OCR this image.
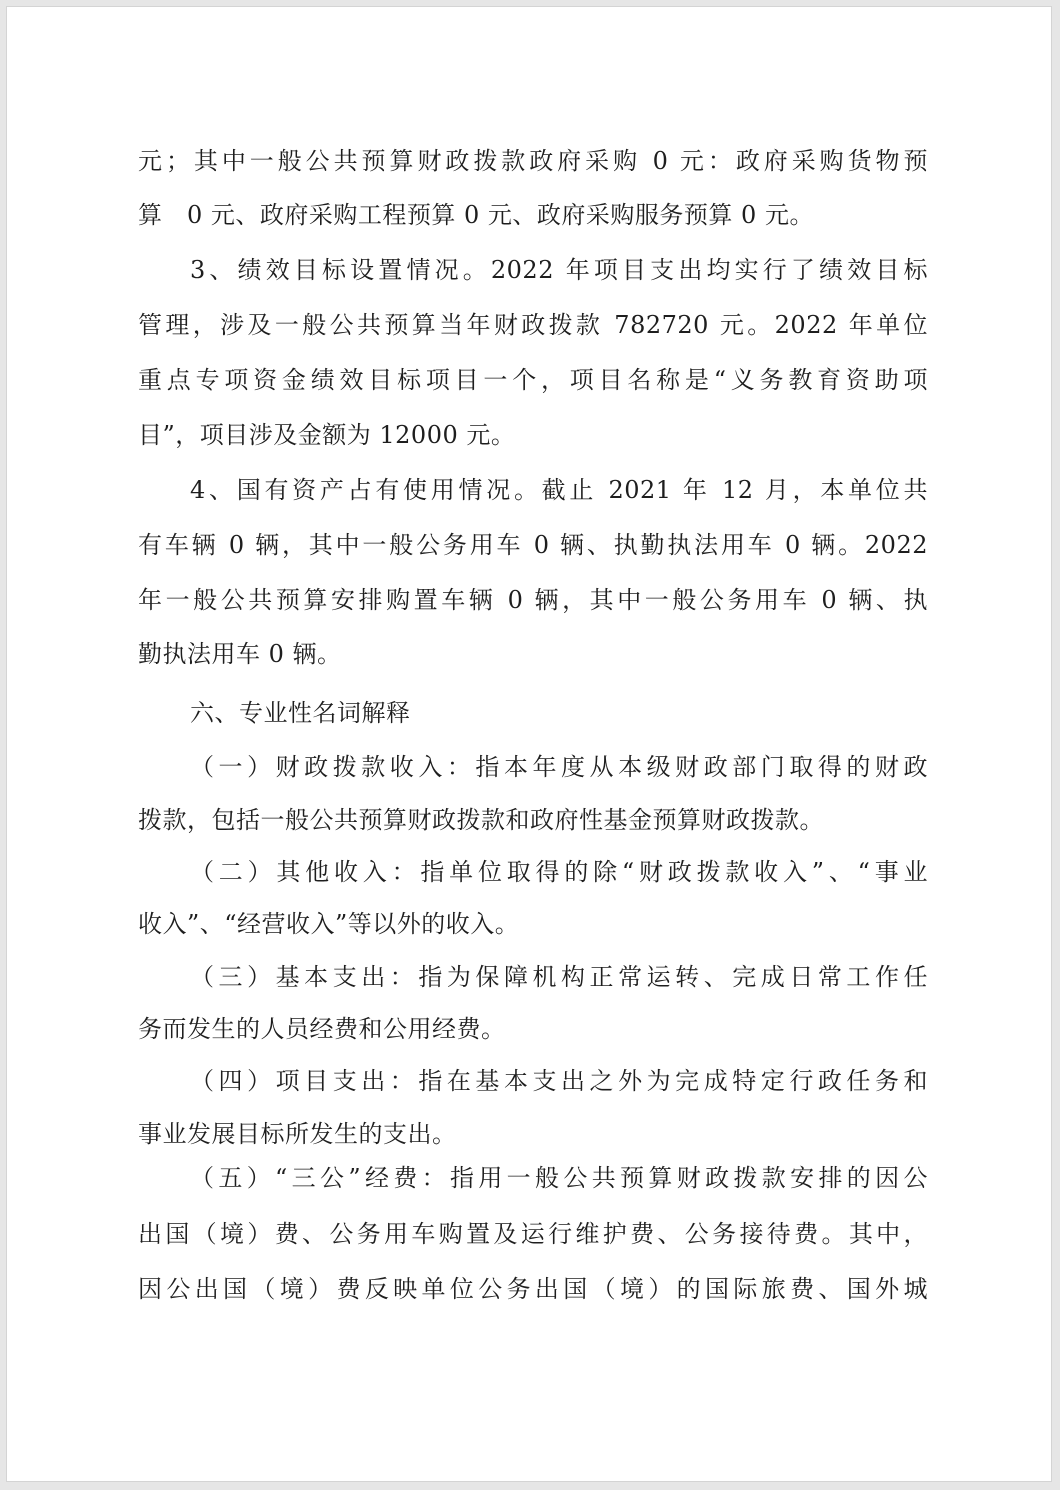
元；其中一般公共预算财政拨款政府采购 0 元：政府采购货物预
算　0 元、政府采购工程预算 0 元、政府采购服务预算 0 元。
3、绩效目标设置情况。2022 年项目支出均实行了绩效目标
管理，涉及一般公共预算当年财政拨款 782720 元。2022 年单位
重点专项资金绩效目标项目一个，项目名称是“义务教育资助项
目”，项目涉及金额为 12000 元。
4、国有资产占有使用情况。截止 2021 年 12 月，本单位共
有车辆 0 辆，其中一般公务用车 0 辆、执勤执法用车 0 辆。2022
年一般公共预算安排购置车辆 0 辆，其中一般公务用车 0 辆、执
勤执法用车 0 辆。
六、专业性名词解释
（一）财政拨款收入：指本年度从本级财政部门取得的财政
拨款，包括一般公共预算财政拨款和政府性基金预算财政拨款。
（二）其他收入：指单位取得的除“财政拨款收入”、“事业
收入”、“经营收入”等以外的收入。
（三）基本支出：指为保障机构正常运转、完成日常工作任
务而发生的人员经费和公用经费。
（四）项目支出：指在基本支出之外为完成特定行政任务和
事业发展目标所发生的支出。
（五）“三公”经费：指用一般公共预算财政拨款安排的因公
出国（境）费、公务用车购置及运行维护费、公务接待费。其中，
因公出国（境）费反映单位公务出国（境）的国际旅费、国外城
